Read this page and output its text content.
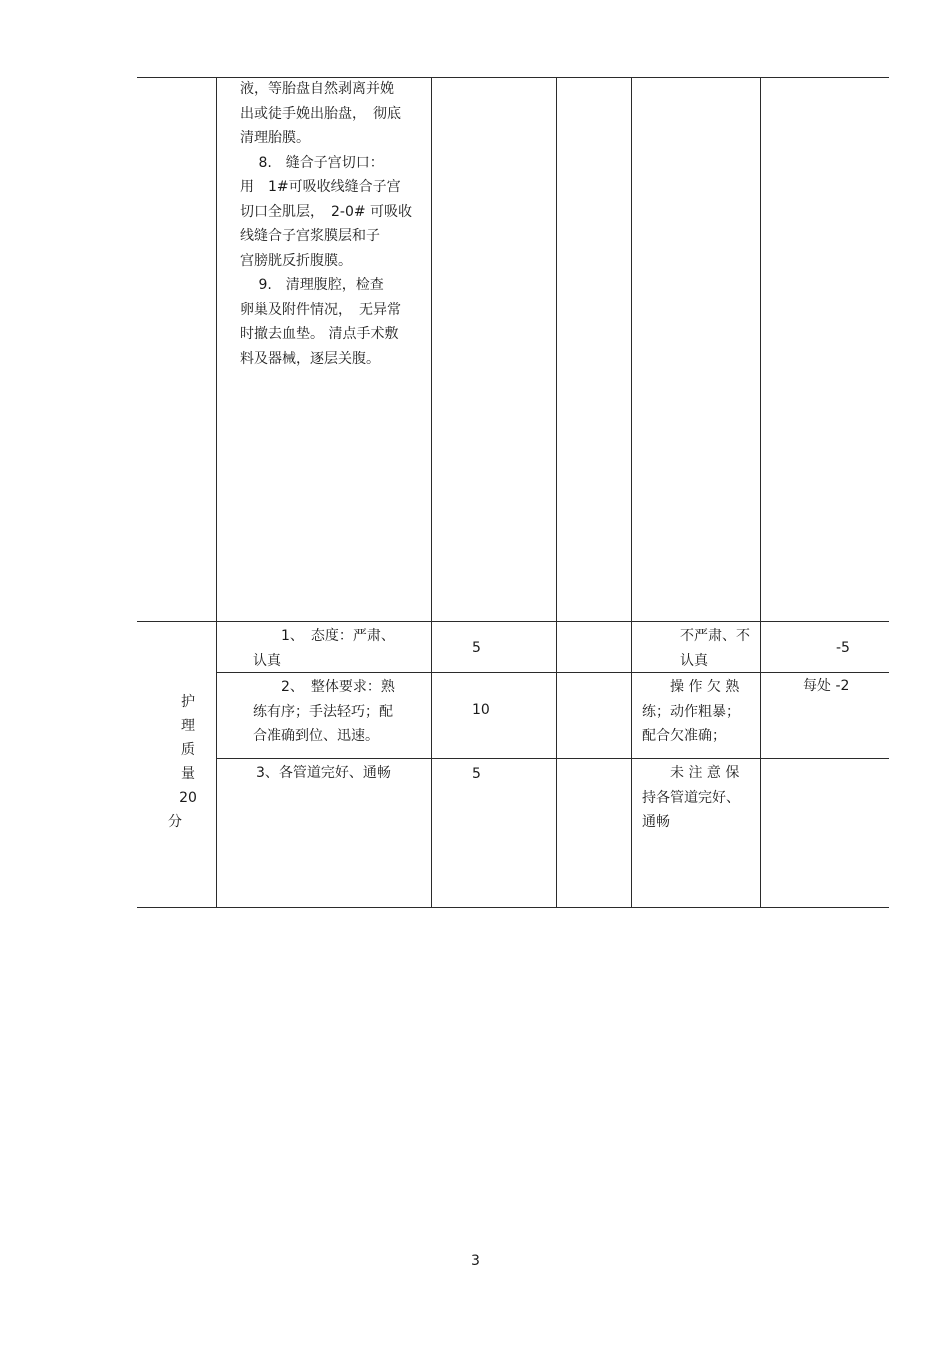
液，等胎盘自然剥离并娩
出或徒手娩出胎盘，　彻底
清理胎膜。
　 8.　缝合子宫切口：
用　1#可吸收线缝合子宫
切口全肌层，　2-0# 可吸收
线缝合子宫浆膜层和子
宫膀胱反折腹膜。
　 9.　清理腹腔，检查
卵巢及附件情况，　无异常
时撤去血垫。 清点手术敷
料及器械，逐层关腹。
护
理
质
量
20
分
　　1、　态度：严肃、
认真
5
　不严肃、不
　认真
-5
　　2、　整体要求：熟
练有序；手法轻巧；配
合准确到位、迅速。
10
　　操 作 欠 熟
练；动作粗暴；
配合欠准确；
每处 -2
3、各管道完好、通畅	5	　　未 注 意 保
持各管道完好、
通畅
3
